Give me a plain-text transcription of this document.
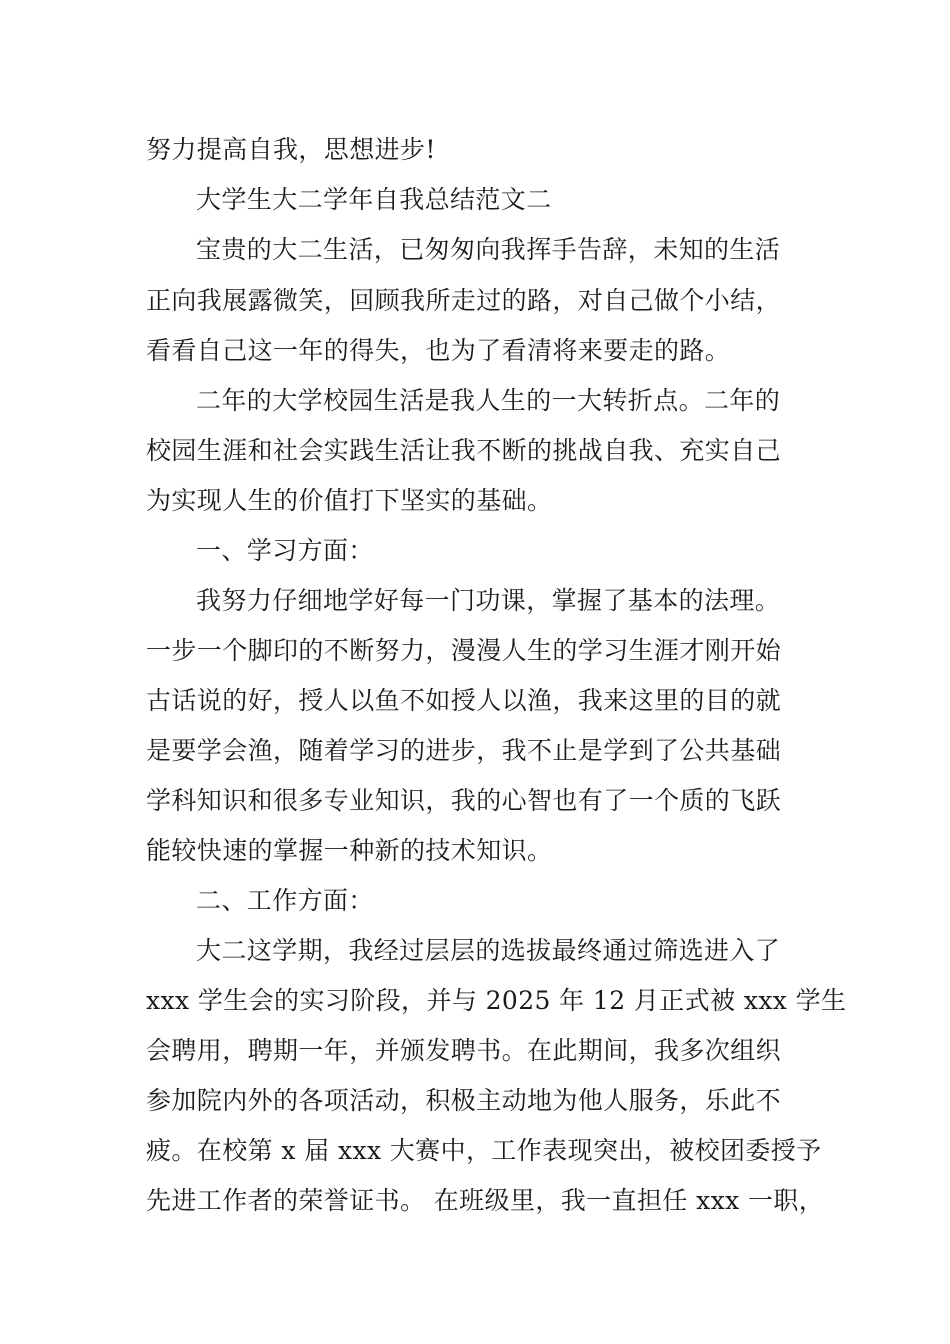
努力提高自我，思想进步!
大学生大二学年自我总结范文二
宝贵的大二生活，已匆匆向我挥手告辞，未知的生活
正向我展露微笑，回顾我所走过的路，对自己做个小结，
看看自己这一年的得失，也为了看清将来要走的路。
二年的大学校园生活是我人生的一大转折点。二年的
校园生涯和社会实践生活让我不断的挑战自我、充实自己
为实现人生的价值打下坚实的基础。
一、学习方面：
我努力仔细地学好每一门功课，掌握了基本的法理。
一步一个脚印的不断努力，漫漫人生的学习生涯才刚开始
古话说的好，授人以鱼不如授人以渔，我来这里的目的就
是要学会渔，随着学习的进步，我不止是学到了公共基础
学科知识和很多专业知识，我的心智也有了一个质的飞跃
能较快速的掌握一种新的技术知识。
二、工作方面：
大二这学期，我经过层层的选拔最终通过筛选进入了
xxx 学生会的实习阶段，并与 2025 年 12 月正式被 xxx 学生
会聘用，聘期一年，并颁发聘书。在此期间，我多次组织
参加院内外的各项活动，积极主动地为他人服务，乐此不
疲。在校第 x 届 xxx 大赛中，工作表现突出，被校团委授予
先进工作者的荣誉证书。 在班级里，我一直担任 xxx 一职，
